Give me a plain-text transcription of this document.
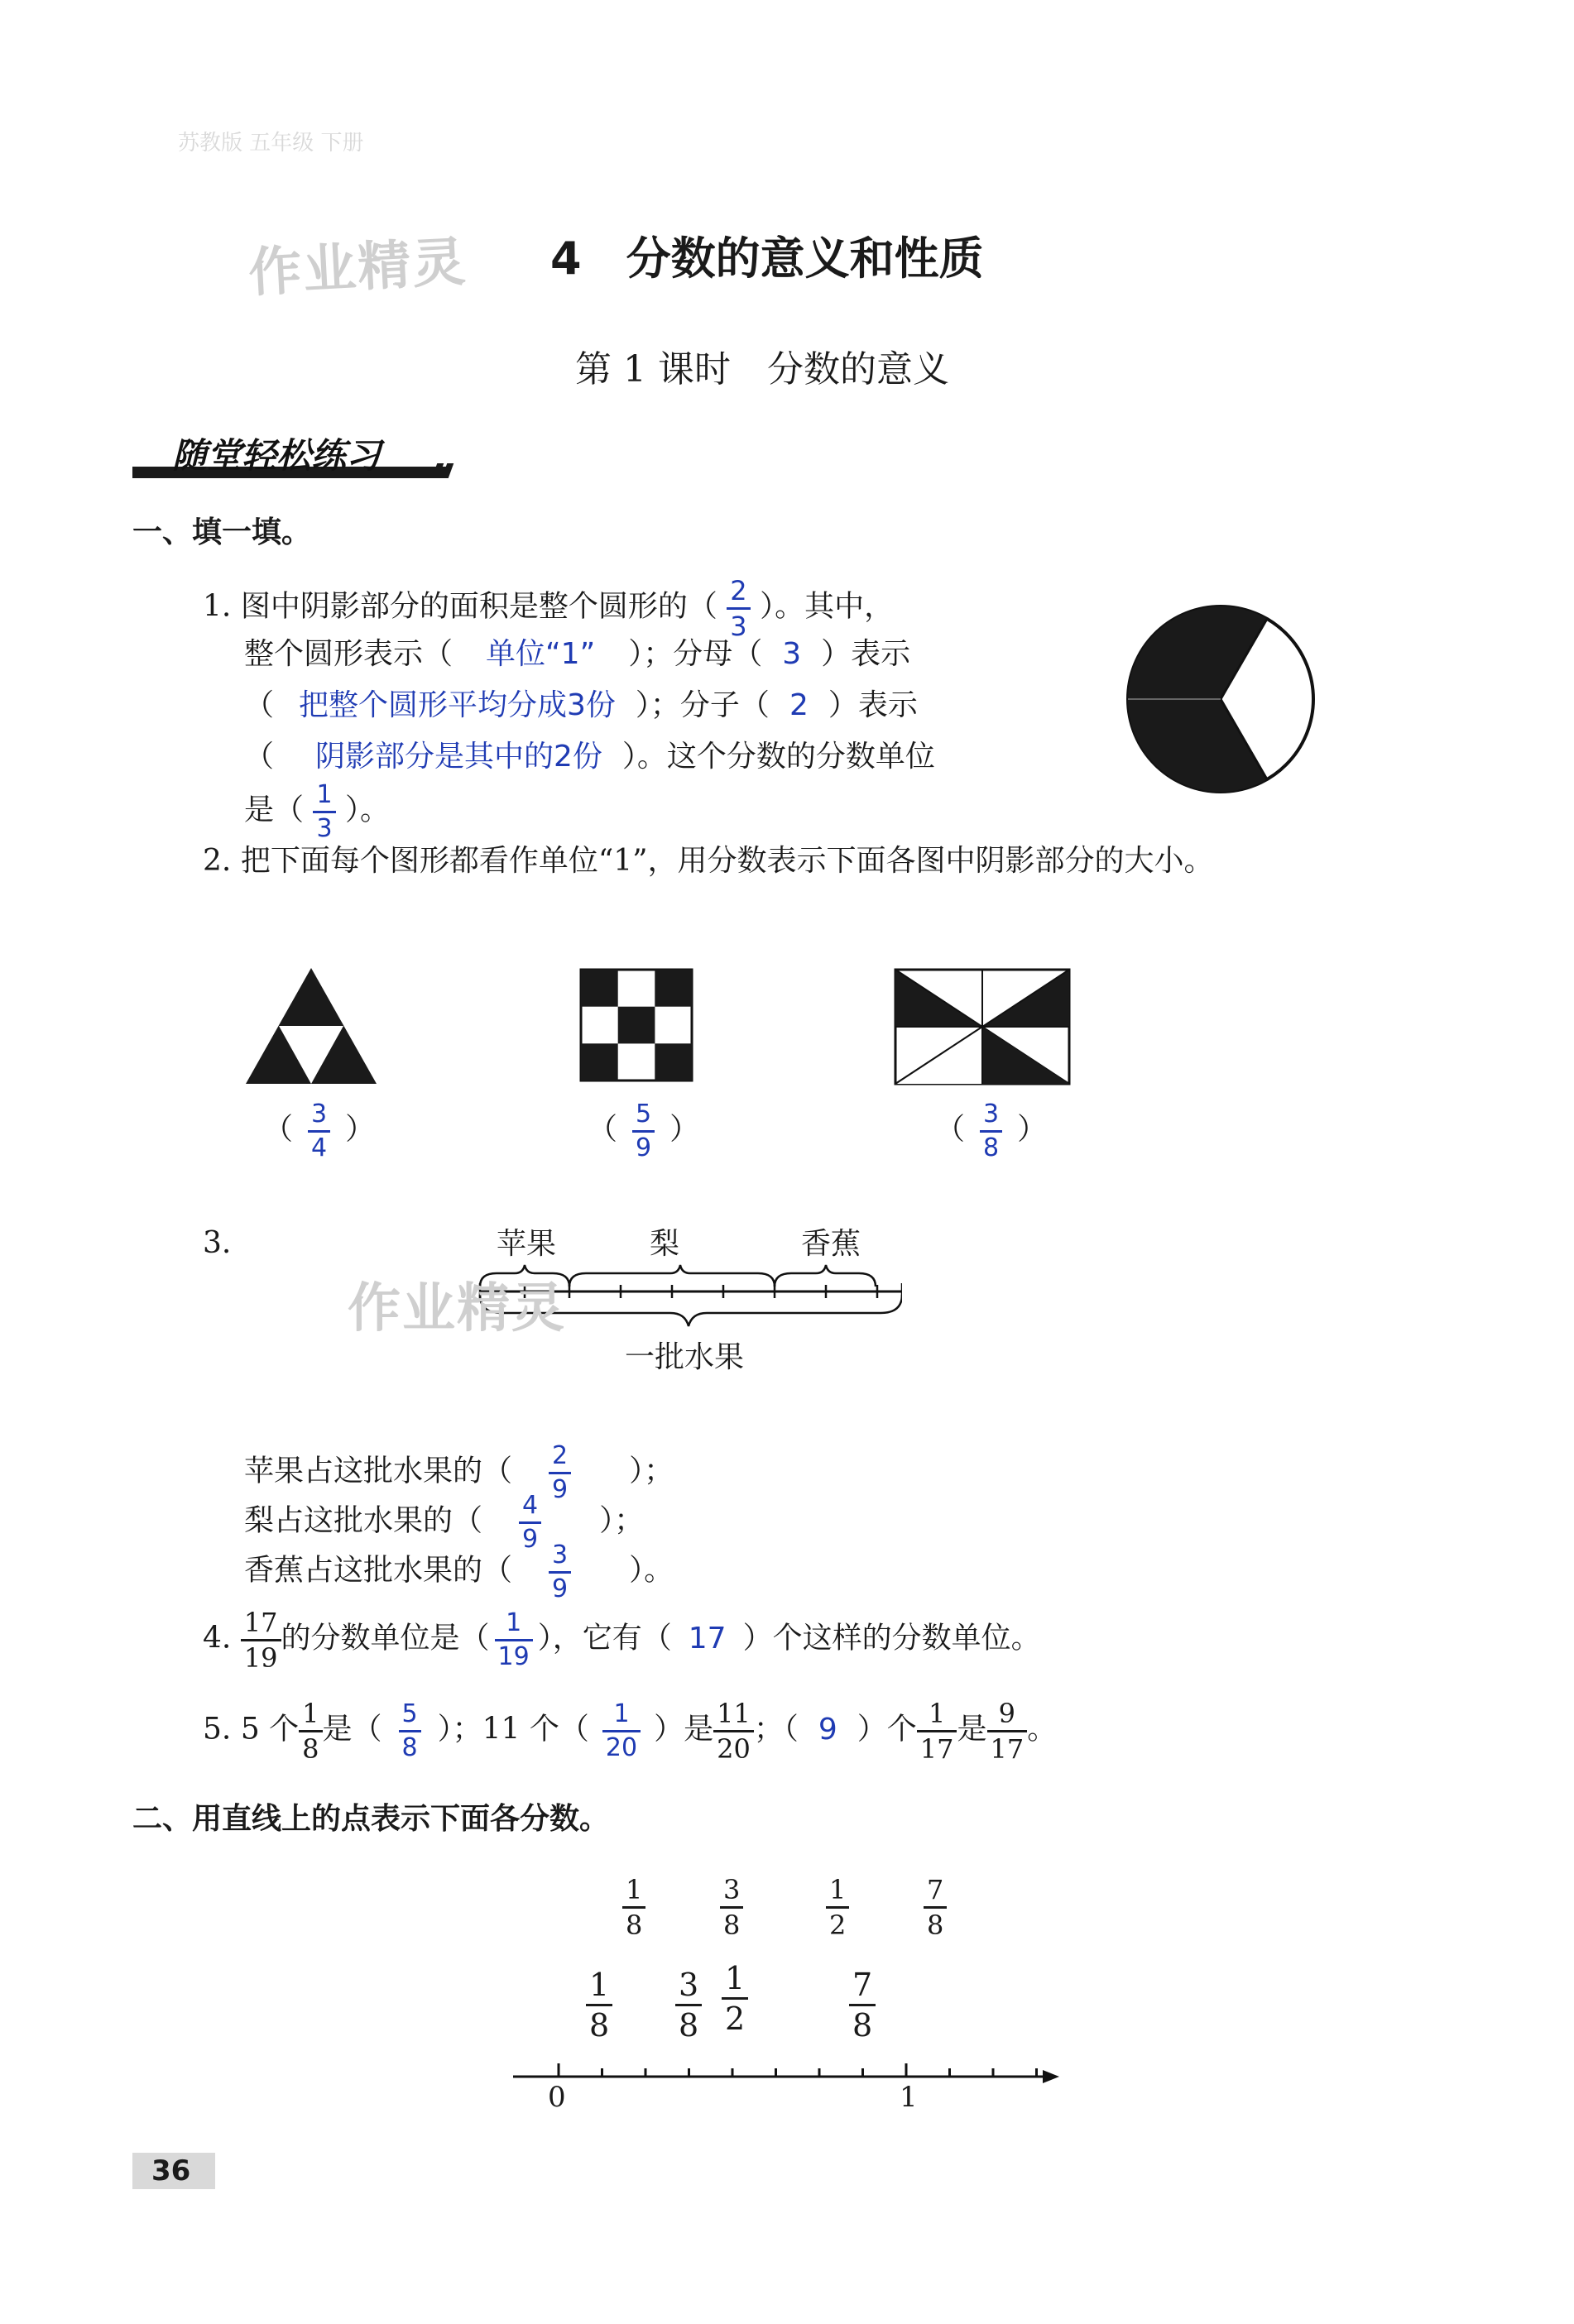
苏教版 五年级 下册
作业精灵 4　分数的意义和性质
第 1 课时　分数的意义
随堂轻松练习
一、填一填。
1. 图中阴影部分的面积是整个圆形的（ $\frac{2}{3}$ ）。其中，
整个圆形表示（ 单位“1” ）；分母（ 3 ）表示
（ 把整个圆形平均分成3份 ）；分子（ 2 ）表示
（ 阴影部分是其中的2份 ）。这个分数的分数单位
是（ $\frac{1}{3}$ ）。
2. 把下面每个图形都看作单位“1”，用分数表示下面各图中阴影部分的大小。
（ $\frac{3}{4}$ ）	（ $\frac{5}{9}$ ）	（ $\frac{3}{8}$ ）
3.	苹果	梨	香蕉
作业精灵
一批水果
苹果占这批水果的（ $\frac{2}{9}$ ）；
梨占这批水果的（ $\frac{4}{9}$ ）；
香蕉占这批水果的（ $\frac{3}{9}$ ）。
4. $\frac{17}{19}$ 的分数单位是（ $\frac{1}{19}$ ），它有（ 17 ）个这样的分数单位。
5. 5 个 $\frac{1}{8}$ 是（ $\frac{5}{8}$ ）；11 个（ $\frac{1}{20}$ ）是 $\frac{11}{20}$ ；（ 9 ）个 $\frac{1}{17}$ 是 $\frac{9}{17}$ 。
二、用直线上的点表示下面各分数。
$\frac{1}{8}$	$\frac{3}{8}$	$\frac{1}{2}$	$\frac{7}{8}$
$\frac{1}{8} \frac{3}{8} \frac{1}{2}$	$\frac{7}{8}$
0	1
36
